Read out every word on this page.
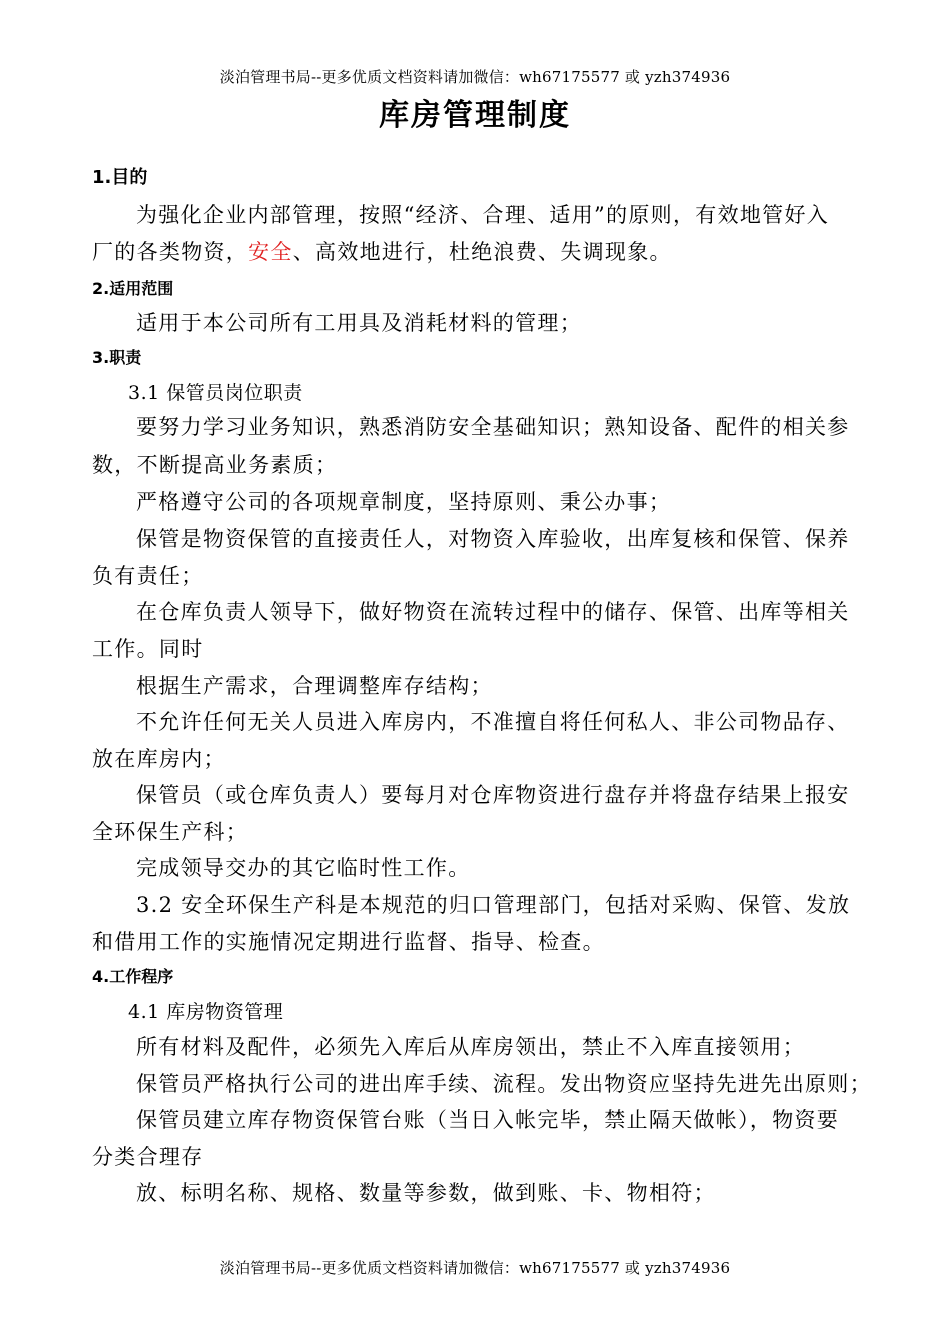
淡泊管理书局--更多优质文档资料请加微信：wh67175577 或 yzh374936
库房管理制度
1.目的
为强化企业内部管理，按照“经济、合理、适用”的原则，有效地管好入
厂的各类物资，安全、高效地进行，杜绝浪费、失调现象。
2.适用范围
适用于本公司所有工用具及消耗材料的管理；
3.职责
3.1 保管员岗位职责
要努力学习业务知识，熟悉消防安全基础知识；熟知设备、配件的相关参
数，不断提高业务素质；
严格遵守公司的各项规章制度，坚持原则、秉公办事；
保管是物资保管的直接责任人，对物资入库验收，出库复核和保管、保养
负有责任；
在仓库负责人领导下，做好物资在流转过程中的储存、保管、出库等相关
工作。同时
根据生产需求，合理调整库存结构；
不允许任何无关人员进入库房内，不准擅自将任何私人、非公司物品存、
放在库房内；
保管员（或仓库负责人）要每月对仓库物资进行盘存并将盘存结果上报安
全环保生产科；
完成领导交办的其它临时性工作。
3.2 安全环保生产科是本规范的归口管理部门，包括对采购、保管、发放
和借用工作的实施情况定期进行监督、指导、检查。
4.工作程序
4.1 库房物资管理
所有材料及配件，必须先入库后从库房领出，禁止不入库直接领用；
保管员严格执行公司的进出库手续、流程。发出物资应坚持先进先出原则；
保管员建立库存物资保管台账（当日入帐完毕，禁止隔天做帐），物资要
分类合理存
放、标明名称、规格、数量等参数，做到账、卡、物相符；
淡泊管理书局--更多优质文档资料请加微信：wh67175577 或 yzh374936
